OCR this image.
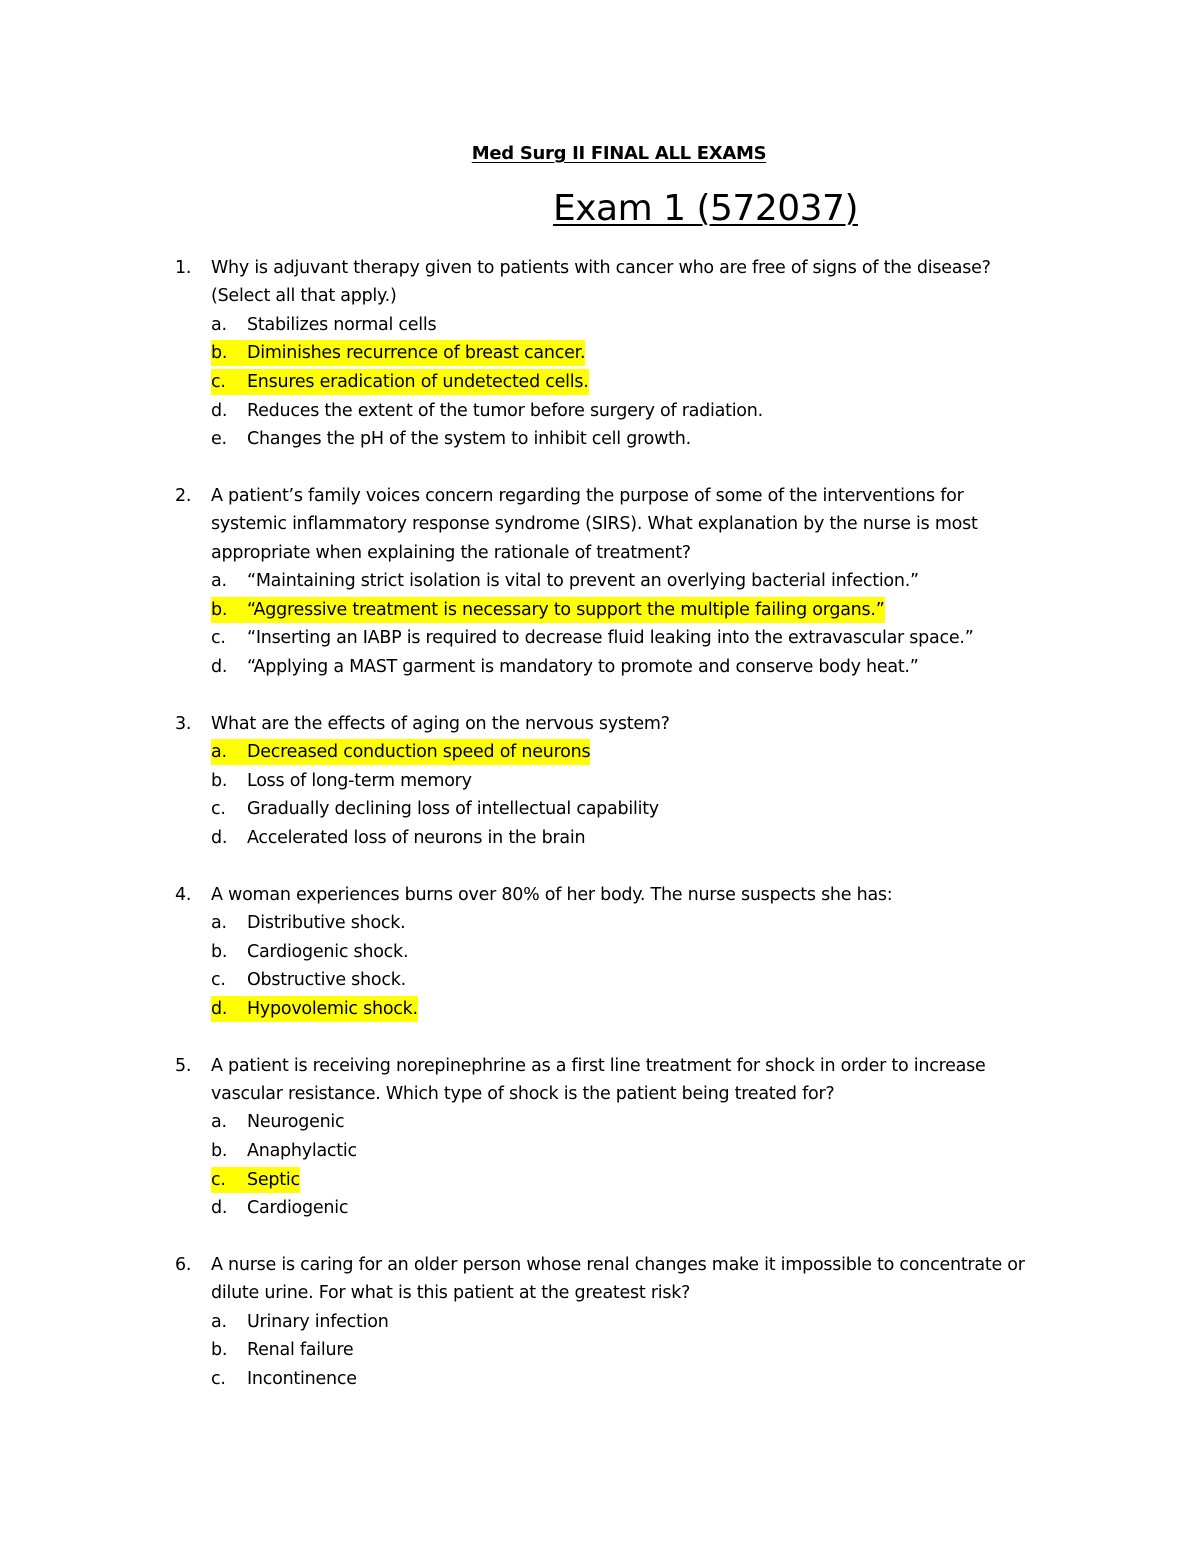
Med Surg II FINAL ALL EXAMS
Exam 1 (572037)
1. Why is adjuvant therapy given to patients with cancer who are free of signs of the disease?
(Select all that apply.)
a. Stabilizes normal cells
b. Diminishes recurrence of breast cancer.
c. Ensures eradication of undetected cells.
d. Reduces the extent of the tumor before surgery of radiation.
e. Changes the pH of the system to inhibit cell growth.
2. A patient’s family voices concern regarding the purpose of some of the interventions for
systemic inflammatory response syndrome (SIRS). What explanation by the nurse is most
appropriate when explaining the rationale of treatment?
a. “Maintaining strict isolation is vital to prevent an overlying bacterial infection.”
b. “Aggressive treatment is necessary to support the multiple failing organs.”
c. “Inserting an IABP is required to decrease fluid leaking into the extravascular space.”
d. “Applying a MAST garment is mandatory to promote and conserve body heat.”
3. What are the effects of aging on the nervous system?
a. Decreased conduction speed of neurons
b. Loss of long-term memory
c. Gradually declining loss of intellectual capability
d. Accelerated loss of neurons in the brain
4. A woman experiences burns over 80% of her body. The nurse suspects she has:
a. Distributive shock.
b. Cardiogenic shock.
c. Obstructive shock.
d. Hypovolemic shock.
5. A patient is receiving norepinephrine as a first line treatment for shock in order to increase
vascular resistance. Which type of shock is the patient being treated for?
a. Neurogenic
b. Anaphylactic
c. Septic
d. Cardiogenic
6. A nurse is caring for an older person whose renal changes make it impossible to concentrate or
dilute urine. For what is this patient at the greatest risk?
a. Urinary infection
b. Renal failure
c. Incontinence
